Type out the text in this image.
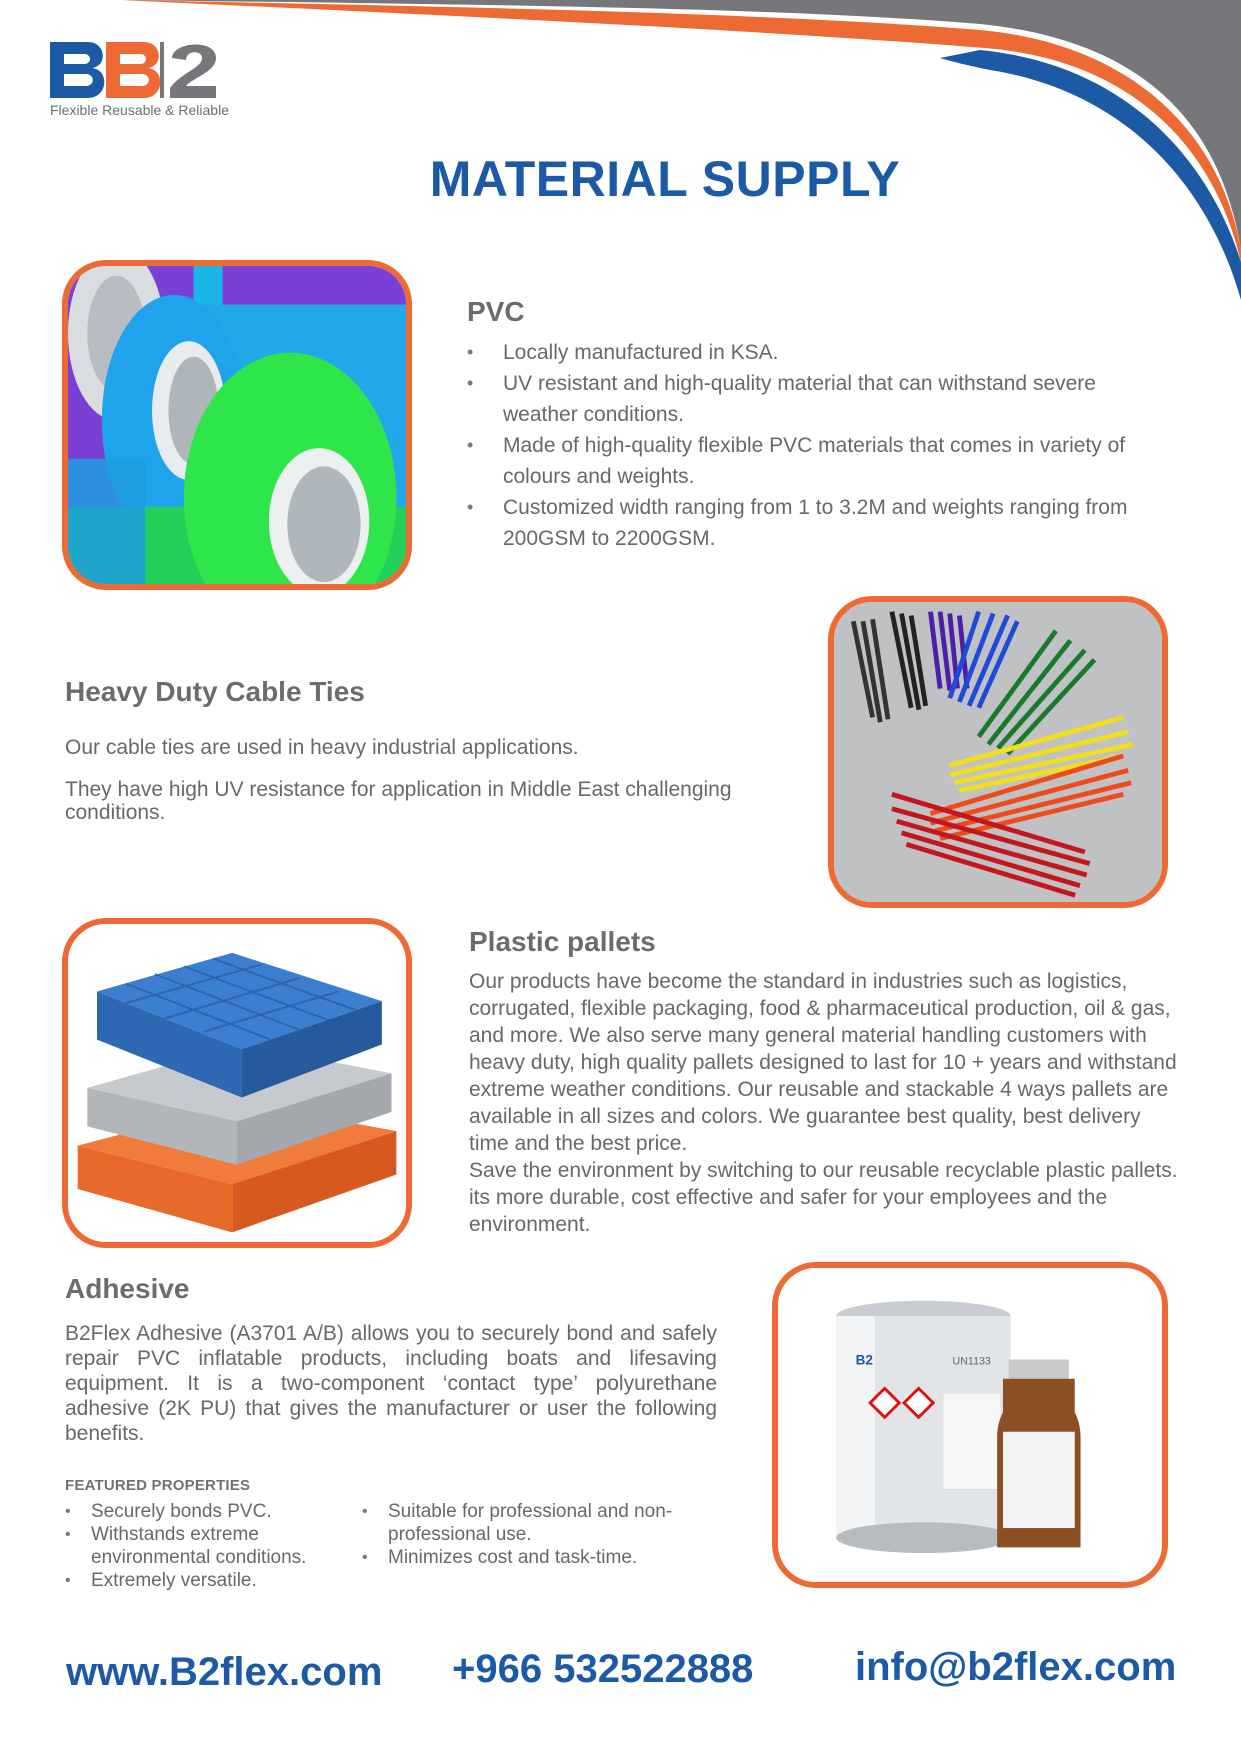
Flexible Reusable & Reliable
MATERIAL SUPPLY
PVC
• Locally manufactured in KSA.
• UV resistant and high-quality material that can withstand severe weather conditions.
• Made of high-quality flexible PVC materials that comes in variety of colours and weights.
• Customized width ranging from 1 to 3.2M and weights ranging from 200GSM to 2200GSM.
Heavy Duty Cable Ties
Our cable ties are used in heavy industrial applications.
They have high UV resistance for application in Middle East challenging conditions.
Plastic pallets
Our products have become the standard in industries such as logistics, corrugated, flexible packaging, food & pharmaceutical production, oil & gas, and more. We also serve many general material handling customers with heavy duty, high quality pallets designed to last for 10 + years and withstand extreme weather conditions. Our reusable and stackable 4 ways pallets are available in all sizes and colors. We guarantee best quality, best delivery time and the best price.
Save the environment by switching to our reusable recyclable plastic pallets. its more durable, cost effective and safer for your employees and the environment.
Adhesive
B2Flex Adhesive (A3701 A/B) allows you to securely bond and safely repair PVC inflatable products, including boats and lifesaving equipment. It is a two-component ‘contact type’ polyurethane adhesive (2K PU) that gives the manufacturer or user the following benefits.
FEATURED PROPERTIES
• Securely bonds PVC.
• Withstands extreme environmental conditions.
• Extremely versatile.
• Suitable for professional and non-professional use.
• Minimizes cost and task-time.
B2	UN1133
www.B2flex.com +966 532522888	info@b2flex.com
